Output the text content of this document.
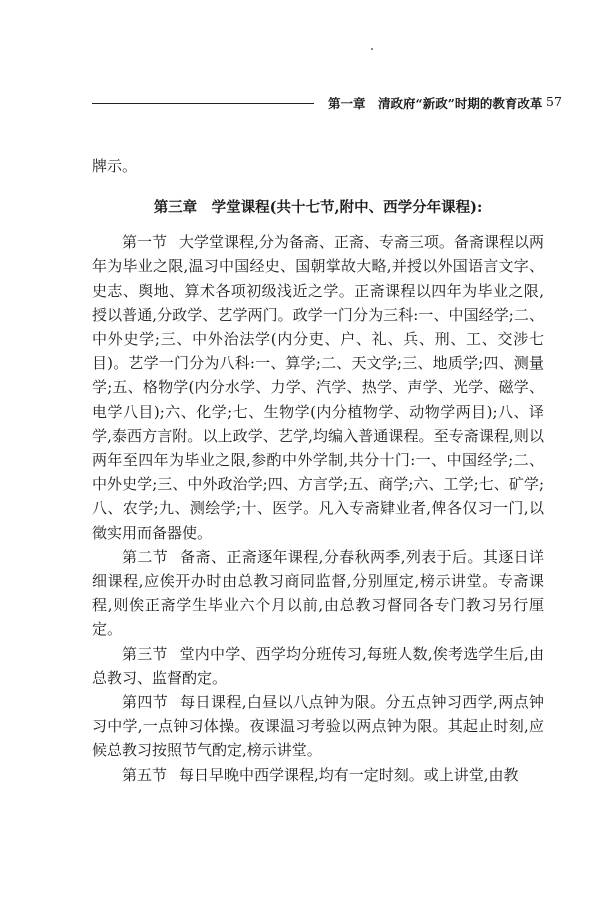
第一章　清政府“新政”时期的教育改革 57

牌示。

第三章　学堂课程(共十七节,附中、西学分年课程):

第一节 大学堂课程,分为备斋、正斋、专斋三项。备斋课程以两年为毕业之限,温习中国经史、国朝掌故大略,并授以外国语言文字、史志、舆地、算术各项初级浅近之学。正斋课程以四年为毕业之限,授以普通,分政学、艺学两门。政学一门分为三科:一、中国经学;二、中外史学;三、中外治法学(内分吏、户、礼、兵、刑、工、交涉七目)。艺学一门分为八科:一、算学;二、天文学;三、地质学;四、测量学;五、格物学(内分水学、力学、汽学、热学、声学、光学、磁学、电学八目);六、化学;七、生物学(内分植物学、动物学两目);八、译学,泰西方言附。以上政学、艺学,均编入普通课程。至专斋课程,则以两年至四年为毕业之限,参酌中外学制,共分十门:一、中国经学;二、中外史学;三、中外政治学;四、方言学;五、商学;六、工学;七、矿学;八、农学;九、测绘学;十、医学。凡入专斋肄业者,俾各仅习一门,以徵实用而备器使。

第二节 备斋、正斋逐年课程,分春秋两季,列表于后。其逐日详细课程,应俟开办时由总教习商同监督,分别厘定,榜示讲堂。专斋课程,则俟正斋学生毕业六个月以前,由总教习督同各专门教习另行厘定。

第三节 堂内中学、西学均分班传习,每班人数,俟考选学生后,由总教习、监督酌定。

第四节 每日课程,白昼以八点钟为限。分五点钟习西学,两点钟习中学,一点钟习体操。夜课温习考验以两点钟为限。其起止时刻,应候总教习按照节气酌定,榜示讲堂。

第五节 每日早晚中西学课程,均有一定时刻。或上讲堂,由教
